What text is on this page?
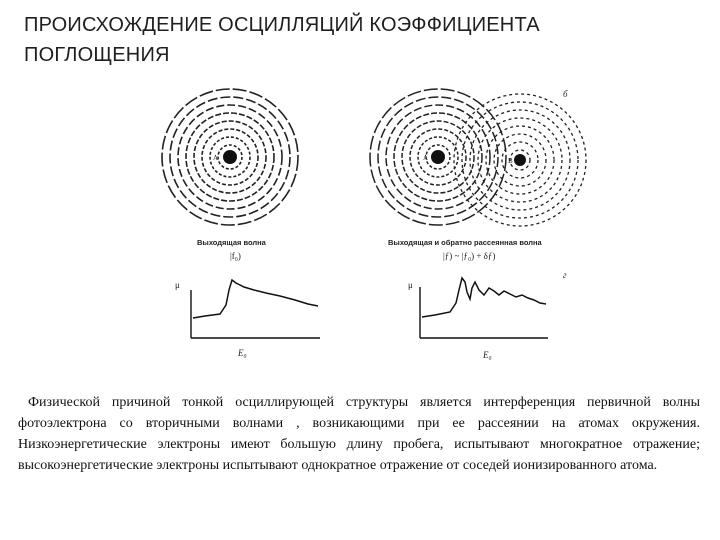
ПРОИСХОЖДЕНИЕ ОСЦИЛЛЯЦИЙ КОЭФФИЦИЕНТА
ПОГЛОЩЕНИЯ
A	A	B
б
Выходящая волна
|f₀)
Выходящая и обратно рассеянная волна
|ƒ) ~ |ƒ₀) + δƒ)
г
μ
E₀
μ
E₀

Физической причиной тонкой осциллирующей структуры является интерференция первичной волны фотоэлектрона со вторичными волнами , возникающими при ее рассеянии на атомах окружения. Низкоэнергетические электроны имеют большую длину пробега, испытывают многократное отражение; высокоэнергетические электроны испытывают однократное отражение от соседей ионизированного атома.
